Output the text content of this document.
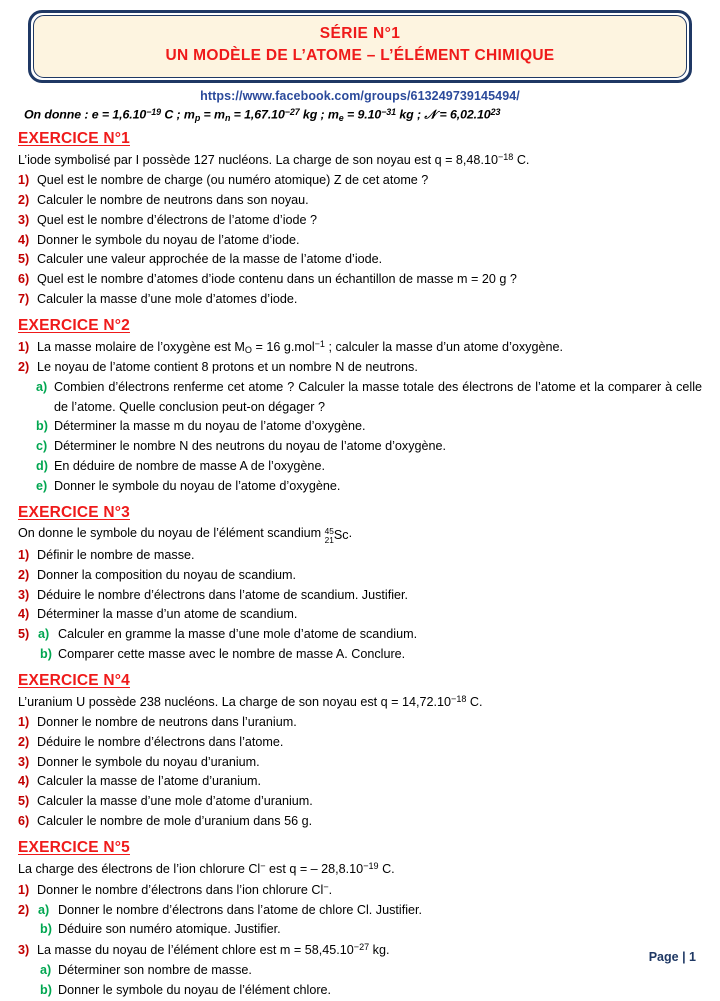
SÉRIE N°1
UN MODÈLE DE L’ATOME – L’ÉLÉMENT CHIMIQUE
https://www.facebook.com/groups/613249739145494/
On donne : $e = 1,6.10^{-19}$ C ; $m_p = m_n = 1,67.10^{-27}$ kg ; $m_e = 9.10^{-31}$ kg ; 𝒩 = $6,02.10^{23}$
EXERCICE N°1
L’iode symbolisé par I possède 127 nucléons. La charge de son noyau est $q = 8,48.10^{-18}$ C.
1) Quel est le nombre de charge (ou numéro atomique) Z de cet atome ?
2) Calculer le nombre de neutrons dans son noyau.
3) Quel est le nombre d’électrons de l’atome d’iode ?
4) Donner le symbole du noyau de l’atome d’iode.
5) Calculer une valeur approchée de la masse de l’atome d’iode.
6) Quel est le nombre d’atomes d’iode contenu dans un échantillon de masse m = 20 g ?
7) Calculer la masse d’une mole d’atomes d’iode.
EXERCICE N°2
1) La masse molaire de l’oxygène est $M_O = 16$ g.mol$^{-1}$ ; calculer la masse d’un atome d’oxygène.
2) Le noyau de l’atome contient 8 protons et un nombre N de neutrons.
a) Combien d’électrons renferme cet atome ? Calculer la masse totale des électrons de l’atome et la comparer à celle de l’atome. Quelle conclusion peut-on dégager ?
b) Déterminer la masse m du noyau de l’atome d’oxygène.
c) Déterminer le nombre N des neutrons du noyau de l’atome d’oxygène.
d) En déduire de nombre de masse A de l’oxygène.
e) Donner le symbole du noyau de l’atome d’oxygène.
EXERCICE N°3
On donne le symbole du noyau de l’élément scandium 45
21Sc.
1) Définir le nombre de masse.
2) Donner la composition du noyau de scandium.
3) Déduire le nombre d’électrons dans l’atome de scandium. Justifier.
4) Déterminer la masse d’un atome de scandium.
5) a) Calculer en gramme la masse d’une mole d’atome de scandium.
b) Comparer cette masse avec le nombre de masse A. Conclure.
EXERCICE N°4
L’uranium U possède 238 nucléons. La charge de son noyau est $q = 14,72.10^{-18}$ C.
1) Donner le nombre de neutrons dans l’uranium.
2) Déduire le nombre d’électrons dans l’atome.
3) Donner le symbole du noyau d’uranium.
4) Calculer la masse de l’atome d’uranium.
5) Calculer la masse d’une mole d’atome d’uranium.
6) Calculer le nombre de mole d’uranium dans 56 g.
EXERCICE N°5
La charge des électrons de l’ion chlorure Cl− est q = – $28,8.10^{-19}$ C.
1) Donner le nombre d’électrons dans l’ion chlorure Cl−.
2) a) Donner le nombre d’électrons dans l’atome de chlore Cl. Justifier.
b) Déduire son numéro atomique. Justifier.
3) La masse du noyau de l’élément chlore est $m = 58,45.10^{-27}$ kg.
a) Déterminer son nombre de masse.
b) Donner le symbole du noyau de l’élément chlore.
Page | 1
